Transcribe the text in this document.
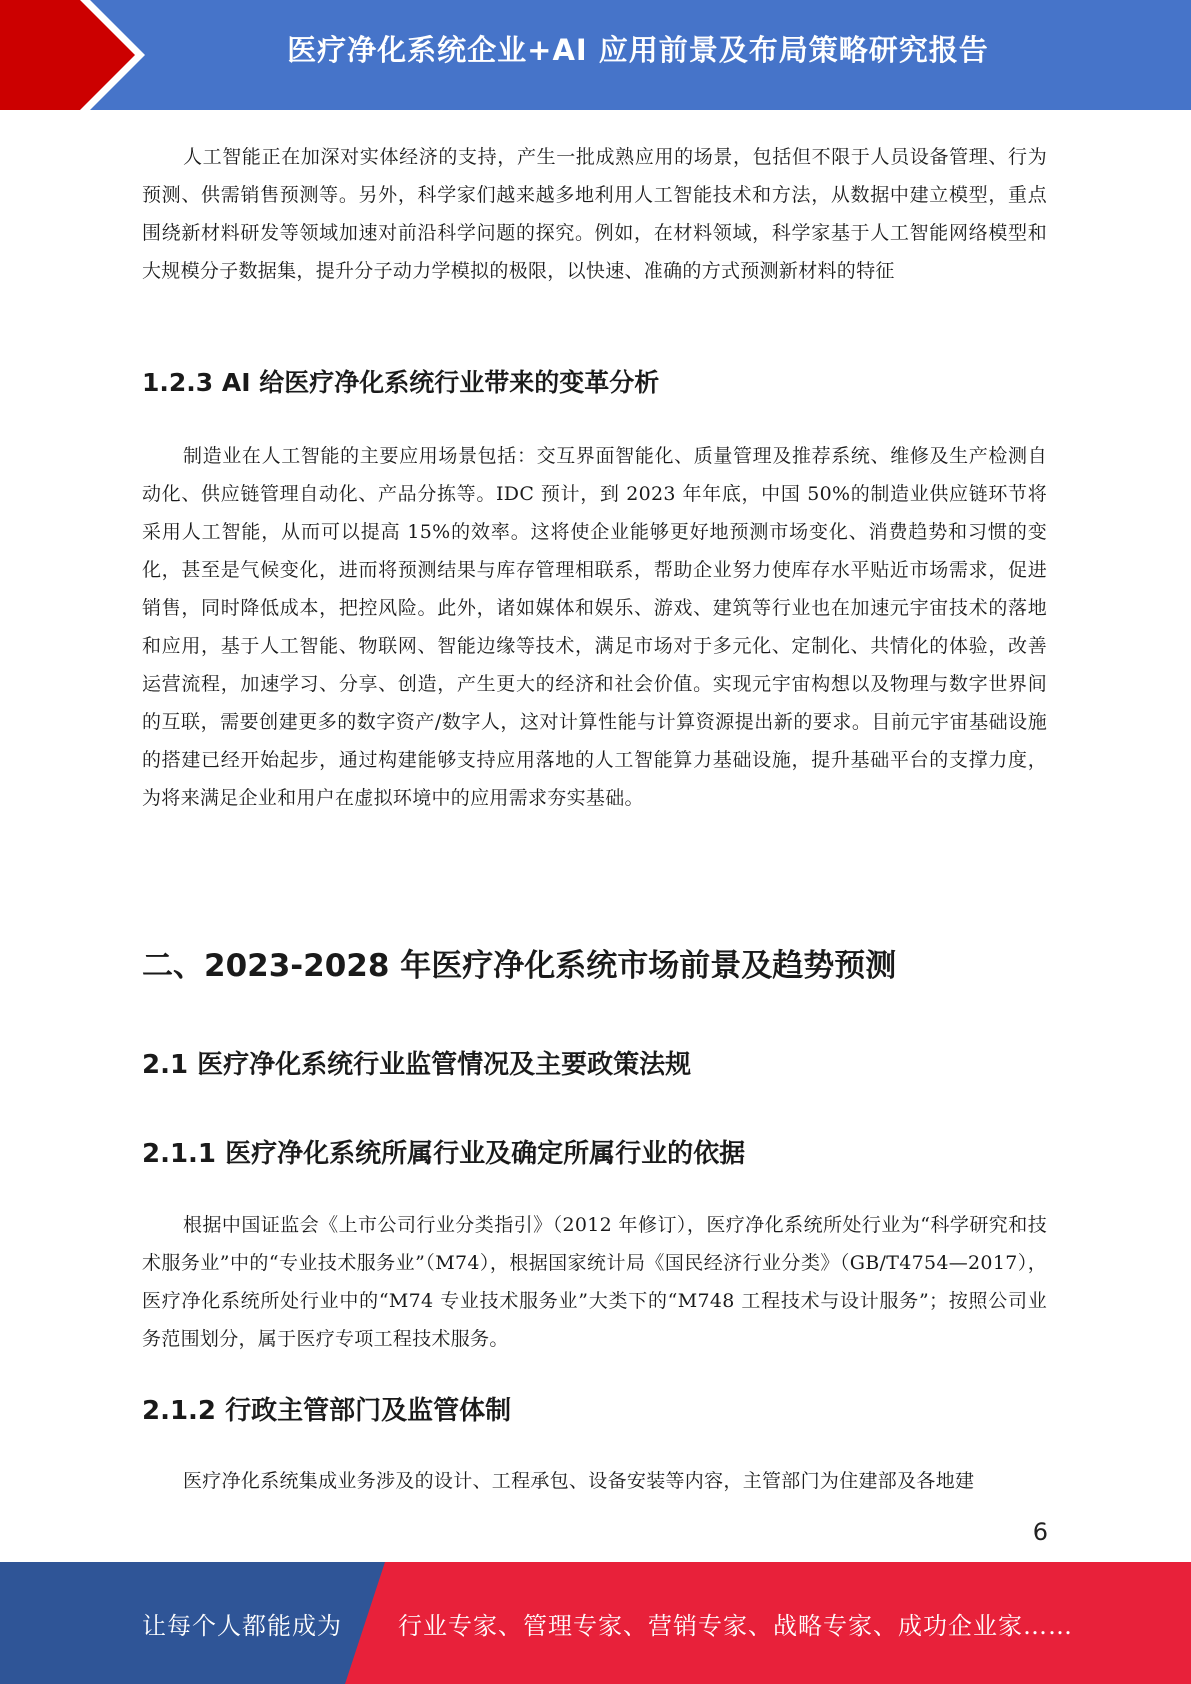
医疗净化系统企业+AI 应用前景及布局策略研究报告

人工智能正在加深对实体经济的支持，产生一批成熟应用的场景，包括但不限于人员设备管理、行为预测、供需销售预测等。另外，科学家们越来越多地利用人工智能技术和方法，从数据中建立模型，重点围绕新材料研发等领域加速对前沿科学问题的探究。例如，在材料领域，科学家基于人工智能网络模型和大规模分子数据集，提升分子动力学模拟的极限，以快速、准确的方式预测新材料的特征

1.2.3 AI 给医疗净化系统行业带来的变革分析

制造业在人工智能的主要应用场景包括：交互界面智能化、质量管理及推荐系统、维修及生产检测自动化、供应链管理自动化、产品分拣等。IDC 预计，到 2023 年年底，中国 50%的制造业供应链环节将采用人工智能，从而可以提高 15%的效率。这将使企业能够更好地预测市场变化、消费趋势和习惯的变化，甚至是气候变化，进而将预测结果与库存管理相联系，帮助企业努力使库存水平贴近市场需求，促进销售，同时降低成本，把控风险。此外，诸如媒体和娱乐、游戏、建筑等行业也在加速元宇宙技术的落地和应用，基于人工智能、物联网、智能边缘等技术，满足市场对于多元化、定制化、共情化的体验，改善运营流程，加速学习、分享、创造，产生更大的经济和社会价值。实现元宇宙构想以及物理与数字世界间的互联，需要创建更多的数字资产/数字人，这对计算性能与计算资源提出新的要求。目前元宇宙基础设施的搭建已经开始起步，通过构建能够支持应用落地的人工智能算力基础设施，提升基础平台的支撑力度，为将来满足企业和用户在虚拟环境中的应用需求夯实基础。

二、2023-2028 年医疗净化系统市场前景及趋势预测
2.1 医疗净化系统行业监管情况及主要政策法规
2.1.1 医疗净化系统所属行业及确定所属行业的依据

根据中国证监会《上市公司行业分类指引》（2012 年修订），医疗净化系统所处行业为“科学研究和技术服务业”中的“专业技术服务业”（M74），根据国家统计局《国民经济行业分类》（GB/T4754—2017），医疗净化系统所处行业中的“M74 专业技术服务业”大类下的“M748 工程技术与设计服务”；按照公司业务范围划分，属于医疗专项工程技术服务。

2.1.2 行政主管部门及监管体制

医疗净化系统集成业务涉及的设计、工程承包、设备安装等内容，主管部门为住建部及各地建

6
让每个人都能成为 行业专家、管理专家、营销专家、战略专家、成功企业家……
